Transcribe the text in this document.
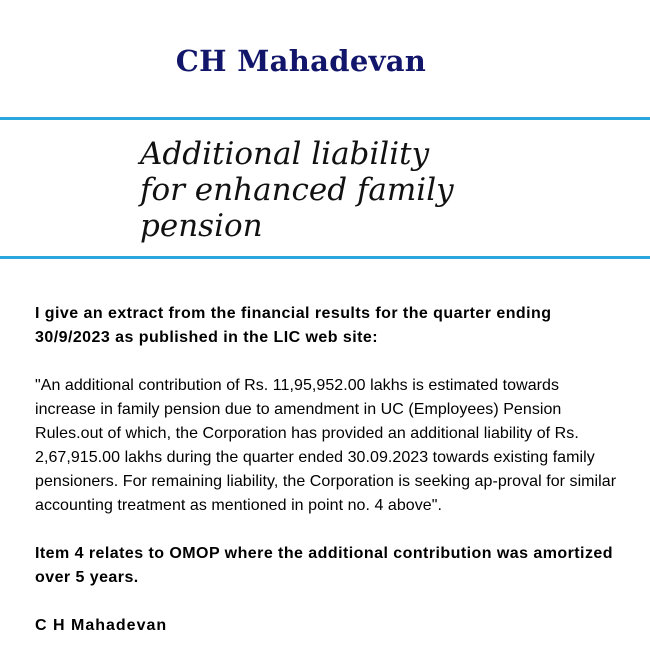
CH Mahadevan
Additional liability
for enhanced family
pension

I give an extract from the financial results for the quarter ending 30/9/2023 as published in the LIC web site:

"An additional contribution of Rs. 11,95,952.00 lakhs is estimated towards increase in family pension due to amendment in UC (Employees) Pension Rules.out of which, the Corporation has provided an additional liability of Rs. 2,67,915.00 lakhs during the quarter ended 30.09.2023 towards existing family pensioners. For remaining liability, the Corporation is seeking ap-proval for similar accounting treatment as mentioned in point no. 4 above".

Item 4 relates to OMOP where the additional contribution was amortized over 5 years.

C H Mahadevan
